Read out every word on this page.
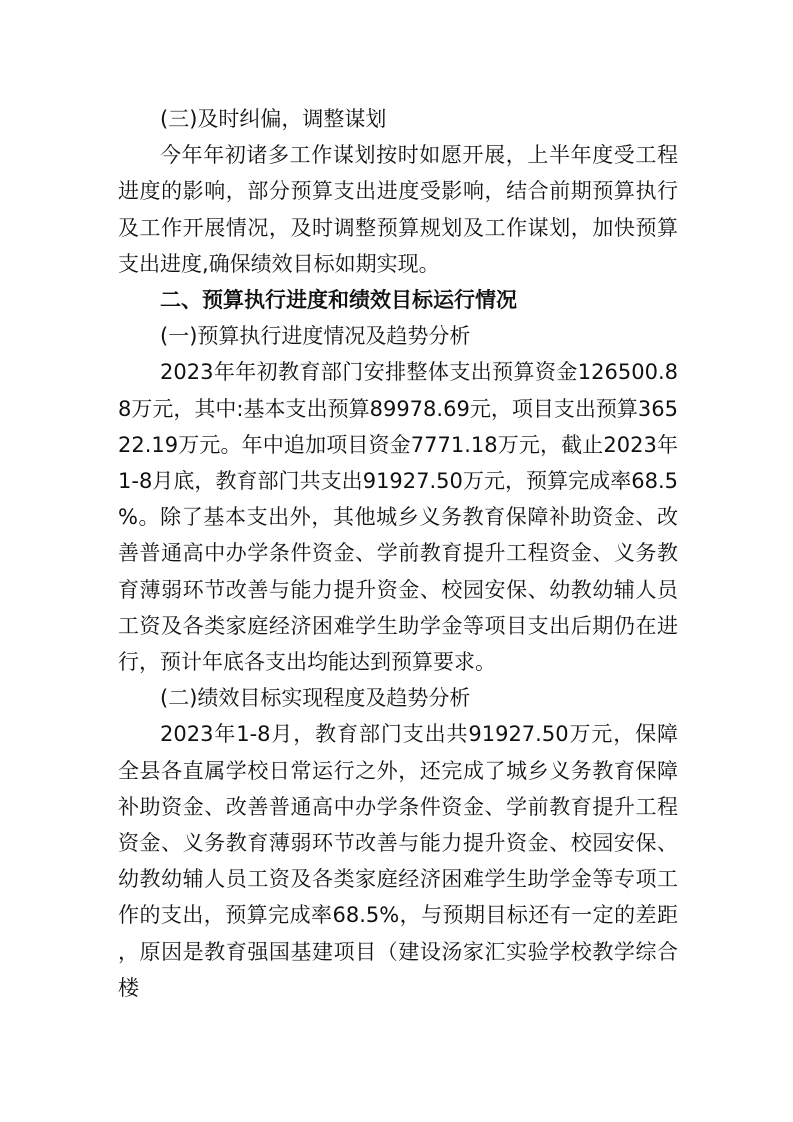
(三)及时纠偏，调整谋划

今年年初诸多工作谋划按时如愿开展，上半年度受工程进度的影响，部分预算支出进度受影响，结合前期预算执行及工作开展情况，及时调整预算规划及工作谋划，加快预算支出进度,确保绩效目标如期实现。

二、预算执行进度和绩效目标运行情况

(一)预算执行进度情况及趋势分析

2023年年初教育部门安排整体支出预算资金126500.88万元，其中:基本支出预算89978.69元，项目支出预算36522.19万元。年中追加项目资金7771.18万元，截止2023年1-8月底，教育部门共支出91927.50万元，预算完成率68.5%。除了基本支出外，其他城乡义务教育保障补助资金、改善普通高中办学条件资金、学前教育提升工程资金、义务教育薄弱环节改善与能力提升资金、校园安保、幼教幼辅人员工资及各类家庭经济困难学生助学金等项目支出后期仍在进行，预计年底各支出均能达到预算要求。

(二)绩效目标实现程度及趋势分析

2023年1-8月，教育部门支出共91927.50万元，保障全县各直属学校日常运行之外，还完成了城乡义务教育保障补助资金、改善普通高中办学条件资金、学前教育提升工程资金、义务教育薄弱环节改善与能力提升资金、校园安保、幼教幼辅人员工资及各类家庭经济困难学生助学金等专项工作的支出，预算完成率68.5%，与预期目标还有一定的差距，原因是教育强国基建项目（建设汤家汇实验学校教学综合楼
